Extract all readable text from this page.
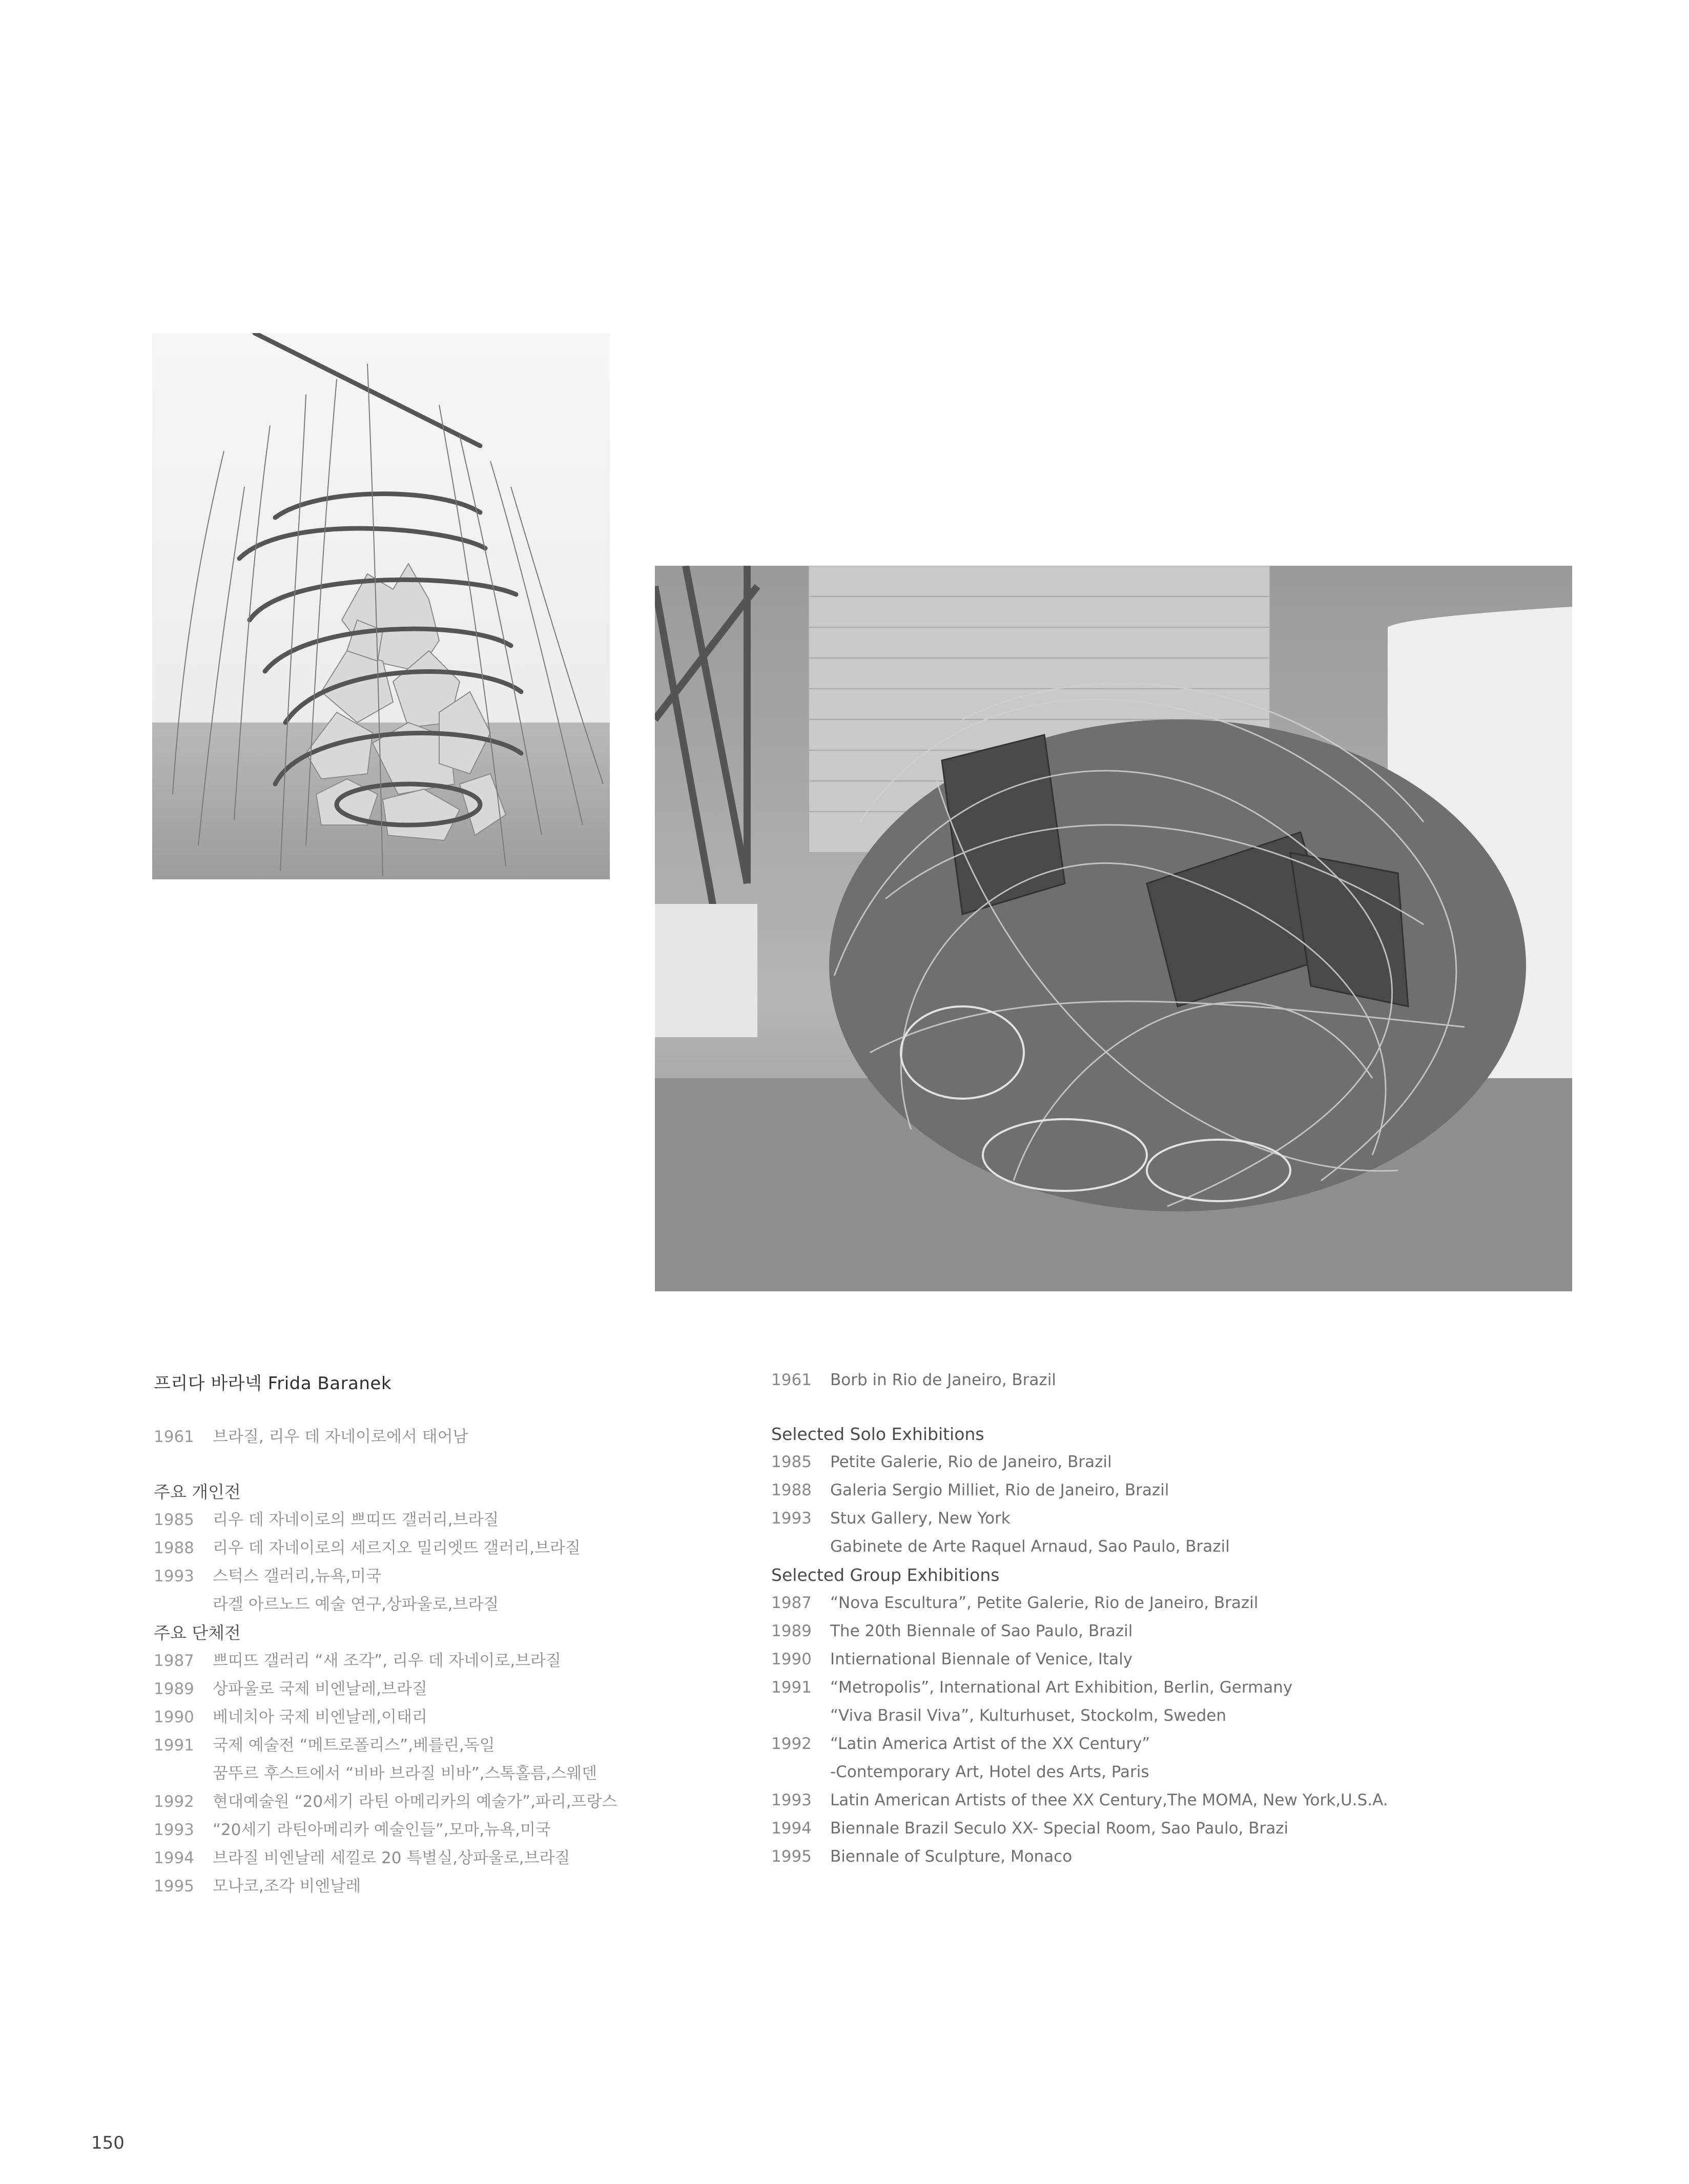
프리다 바라넥 Frida Baranek
1961	브라질, 리우 데 자네이로에서 태어남
주요 개인전
1985	리우 데 자네이로의 쁘띠뜨 갤러리,브라질
1988	리우 데 자네이로의 세르지오 밀리엣뜨 갤러리,브라질
1993	스턱스 갤러리,뉴욕,미국
라겔 아르노드 예술 연구,상파울로,브라질
주요 단체전
1987	쁘띠뜨 갤러리 “새 조각”, 리우 데 자네이로,브라질
1989	상파울로 국제 비엔날레,브라질
1990	베네치아 국제 비엔날레,이태리
1991	국제 예술전 “메트로폴리스”,베를린,독일
꿈뚜르 후스트에서 “비바 브라질 비바”,스톡홀름,스웨덴
1992	현대예술원 “20세기 라틴 아메리카의 예술가”,파리,프랑스
1993	“20세기 라틴아메리카 예술인들”,모마,뉴욕,미국
1994	브라질 비엔날레 세낄로 20 특별실,상파울로,브라질
1995	모나코,조각 비엔날레
1961	Borb in Rio de Janeiro, Brazil
Selected Solo Exhibitions
1985	Petite Galerie, Rio de Janeiro, Brazil
1988	Galeria Sergio Milliet, Rio de Janeiro, Brazil
1993	Stux Gallery, New York
Gabinete de Arte Raquel Arnaud, Sao Paulo, Brazil
Selected Group Exhibitions
1987	“Nova Escultura”, Petite Galerie, Rio de Janeiro, Brazil
1989	The 20th Biennale of Sao Paulo, Brazil
1990	Intiernational Biennale of Venice, Italy
1991	“Metropolis”, International Art Exhibition, Berlin, Germany
“Viva Brasil Viva”, Kulturhuset, Stockolm, Sweden
1992	“Latin America Artist of the XX Century”
-Contemporary Art, Hotel des Arts, Paris
1993	Latin American Artists of thee XX Century,The MOMA, New York,U.S.A.
1994	Biennale Brazil Seculo XX- Special Room, Sao Paulo, Brazi
1995	Biennale of Sculpture, Monaco
150
